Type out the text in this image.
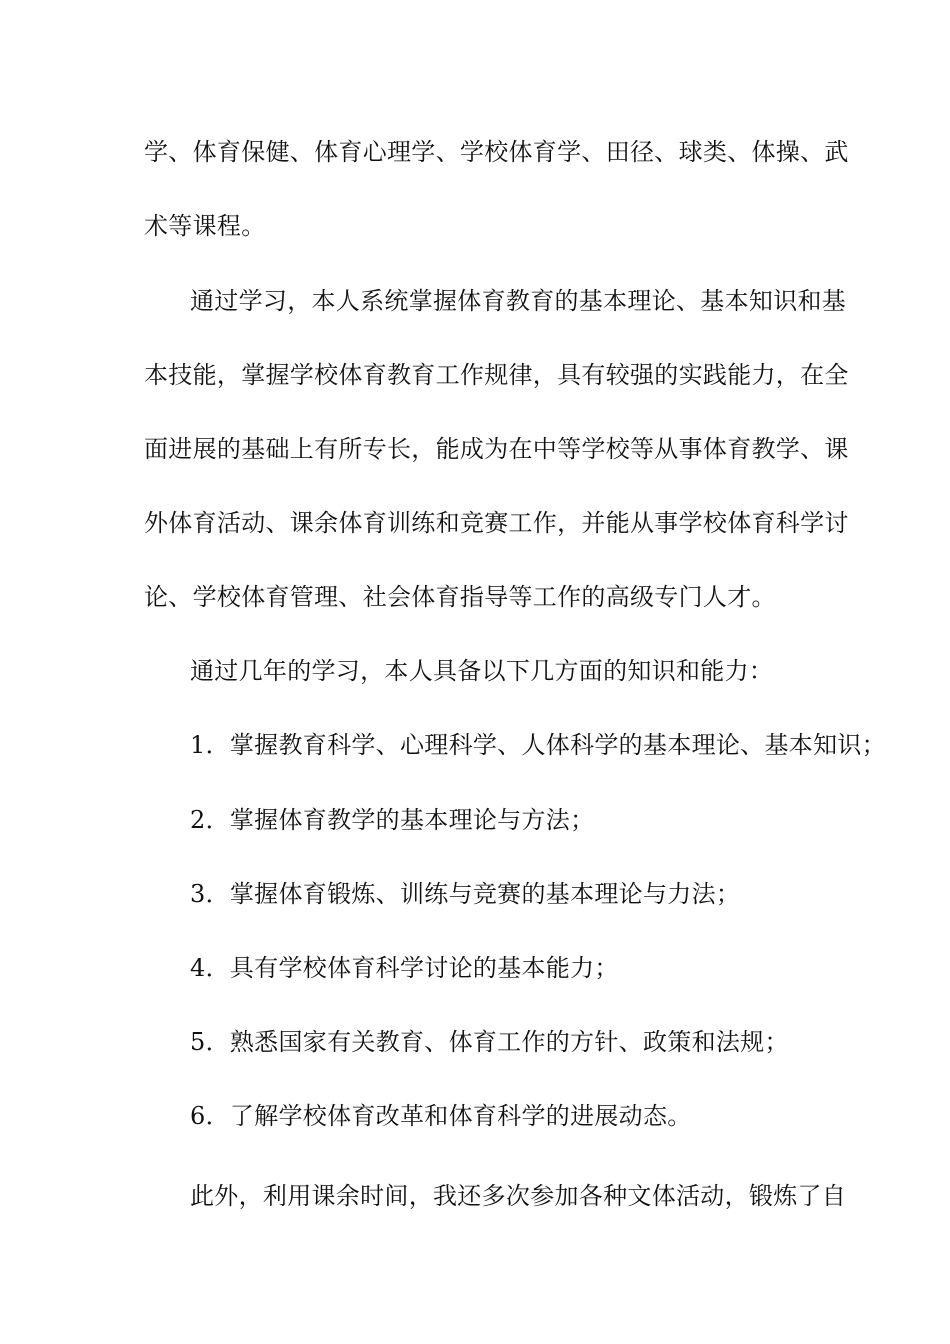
学、体育保健、体育心理学、学校体育学、田径、球类、体操、武
术等课程。
通过学习，本人系统掌握体育教育的基本理论、基本知识和基
本技能，掌握学校体育教育工作规律，具有较强的实践能力，在全
面进展的基础上有所专长，能成为在中等学校等从事体育教学、课
外体育活动、课余体育训练和竞赛工作，并能从事学校体育科学讨
论、学校体育管理、社会体育指导等工作的高级专门人才。
通过几年的学习，本人具备以下几方面的知识和能力：
1．掌握教育科学、心理科学、人体科学的基本理论、基本知识；
2．掌握体育教学的基本理论与方法；
3．掌握体育锻炼、训练与竞赛的基本理论与力法；
4．具有学校体育科学讨论的基本能力；
5．熟悉国家有关教育、体育工作的方针、政策和法规；
6．了解学校体育改革和体育科学的进展动态。
此外，利用课余时间，我还多次参加各种文体活动，锻炼了自
